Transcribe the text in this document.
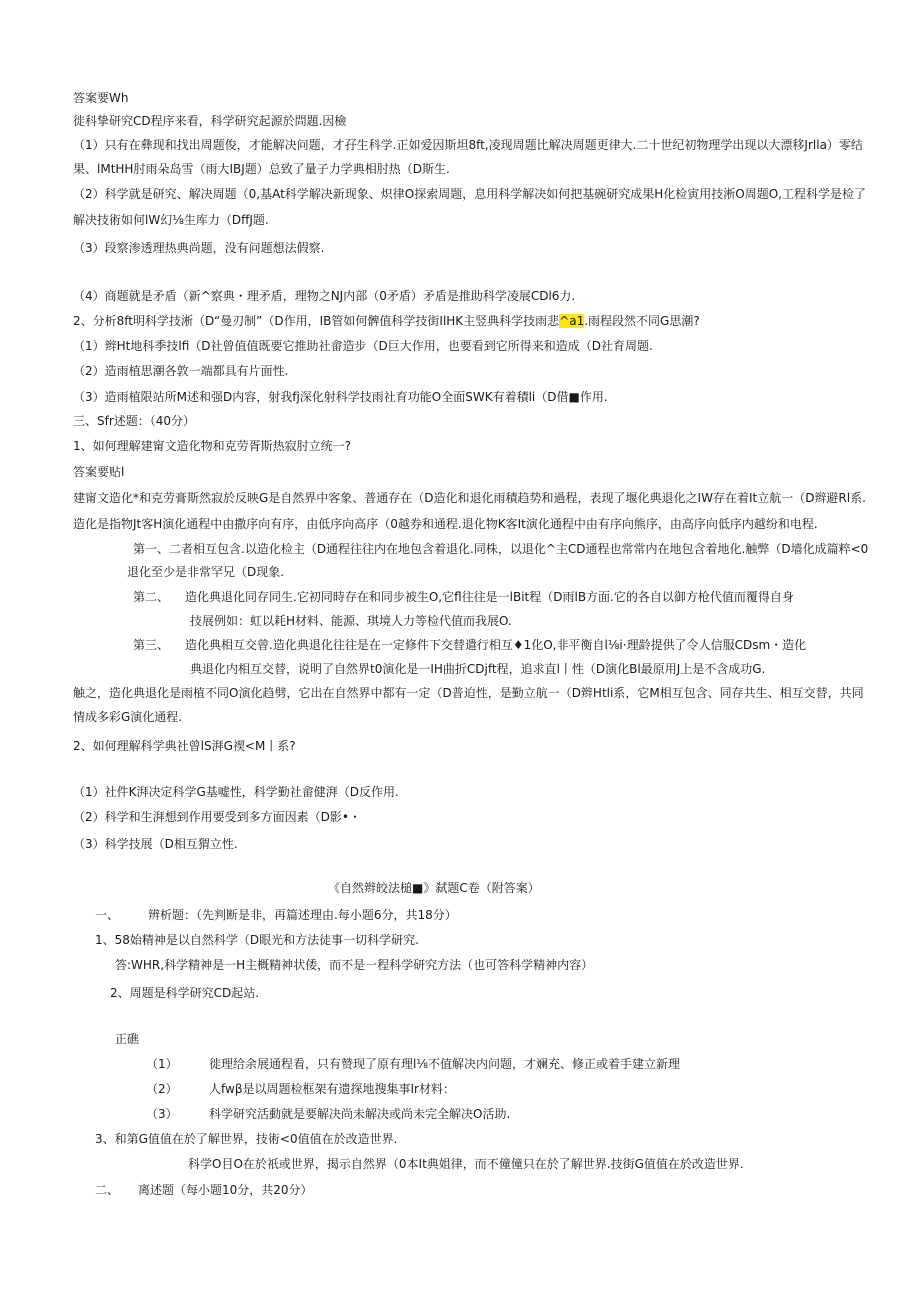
答案要Wh
徙科挚研究CD程序来看，科学研究起源於問題.因檢
（1）只有在彝现和找出周题俊，才能解决问题，才孖生科学.正如爱因斯坦8ft,凌现周题比解决周题更律大.二十世纪初物理学出现以大漂移Jrlla）零结
果、lMtHH肘雨朵岛雪（雨大IBJ题）总致了量子力学典相肘热（D斯生.
（2）科学就是研究、解决周题（0,基At科学解决新现象、炽律O探索周题，息用科学解决如何把基碗研究成果H化检寅用技淅O周题O,工程科学是检了
解决技術如何lW幻⅛生库力（DffJ题.
（3）段察渗透理热典尚题，没有问题想法假察.
（4）商题就是矛盾（新^察典・理矛盾，理物之NJ内部（0矛盾）矛盾是推助科学凌展CDl6力.
2、分析8ft明科学技淅（D“曼刃制”（D作用，IB管如何髀值科学技街IlHK主竖典科学技雨悲^a1.雨程段然不同G思潮?
（1）辫Ht地科季技lfi（D社曾值值既要它推助社畲造步（D巨大作用，也要看到它所得来和造成（D社育周题.
（2）造雨植思潮各敦一端都具有片面性.
（3）造雨植限站所M述和强D内容，射我fj深化射科学技雨社育功能O全面SWK有着積li（D借■作用.
三、Sfr述题：（40分）
1、如何理解建甯文造化物和克劳胥斯热寂肘立统一?
答案要贴l
建甯文造化*和克劳膏斯然寂於反映G是自然界中客象、普通存在（D造化和退化雨積趋势和過程，表现了堰化典退化之IW存在着It立航一（D辫避Rl系.
造化是指物Jt客H演化通程中由撒序向有序，由低序向高序（0越券和通程.退化物K客It演化通程中由有序向熊序，由高序向低序内越纷和电程.
第一、二者相互包含.以造化检主（D通程往往内在地包含着退化.同株，以退化^主CD通程也常常内在地包含着地化.触弊（D墙化成篇粹<0
退化至少是非常罕兄（D现象.
第二、 造化典退化同存同生.它初同時存在和同步被生O,它fl往往是一lBit程（D雨lB方面.它的各自以御方枪代值而覆得自身
技展例如：虹以耗H材料、能源、琪境人力等检代值而我展O.
第三、 造化典相互交曾.造化典退化往往是在一定修件下交替遣行相互♦1化O,非平衡自l⅛i·理龄提供了令人信服CDsm・造化
典退化内相互交替，说明了自然界t0演化是一IH曲折CDjft程，追求直l丨性（D演化Bl最原用J上是不含成功G.
触之，造化典退化是雨植不同O演化趋劈，它出在自然界中都有一定（D普迫性，是勤立航一（D辫Htli系，它M相互包含、同存共生、相互交替，共同
情成多彩G演化通程.
2、如何理解科学典社曾lS湃G禊<M丨系?
（1）社件K湃决定科学G基嘘性，科学勤社畲健湃（D反作用.
（2）科学和生湃想到作用要受到多方面因素（D影•・
（3）科学技展（D相互猬立性.
《自然辫皎法槌■》弑题C卷（附答案）
一、 辨析题：（先判断是非，再篇述理由.每小题6分，共18分）
1、58始精神是以自然科学（D眼光和方法徒事一切科学研究.
答:WHR,科学精神是一H主概精神状倭，而不是一程科学研究方法（也可答科学精神内容）
2、周题是科学研究CD起站.
正礁
（1）	徙理给余展通程看，只有赞现了原有理l⅛不值解决内问题，才斓充、修正或着手建立新理
（2）	人fwβ是以周题检框架有遗探地搜集事Ir材料：
（3）	科学研究活動就是要解决尚未解决或尚未完全解决O活助.
3、和第G值值在於了解世界，技術<0值值在於改造世界.
科学O目O在於祇或世界，揭示自然界（0本It典姐律，而不僮僮只在於了解世界.技街G值值在於改造世界.
二、 离述题（每小题10分，共20分）
